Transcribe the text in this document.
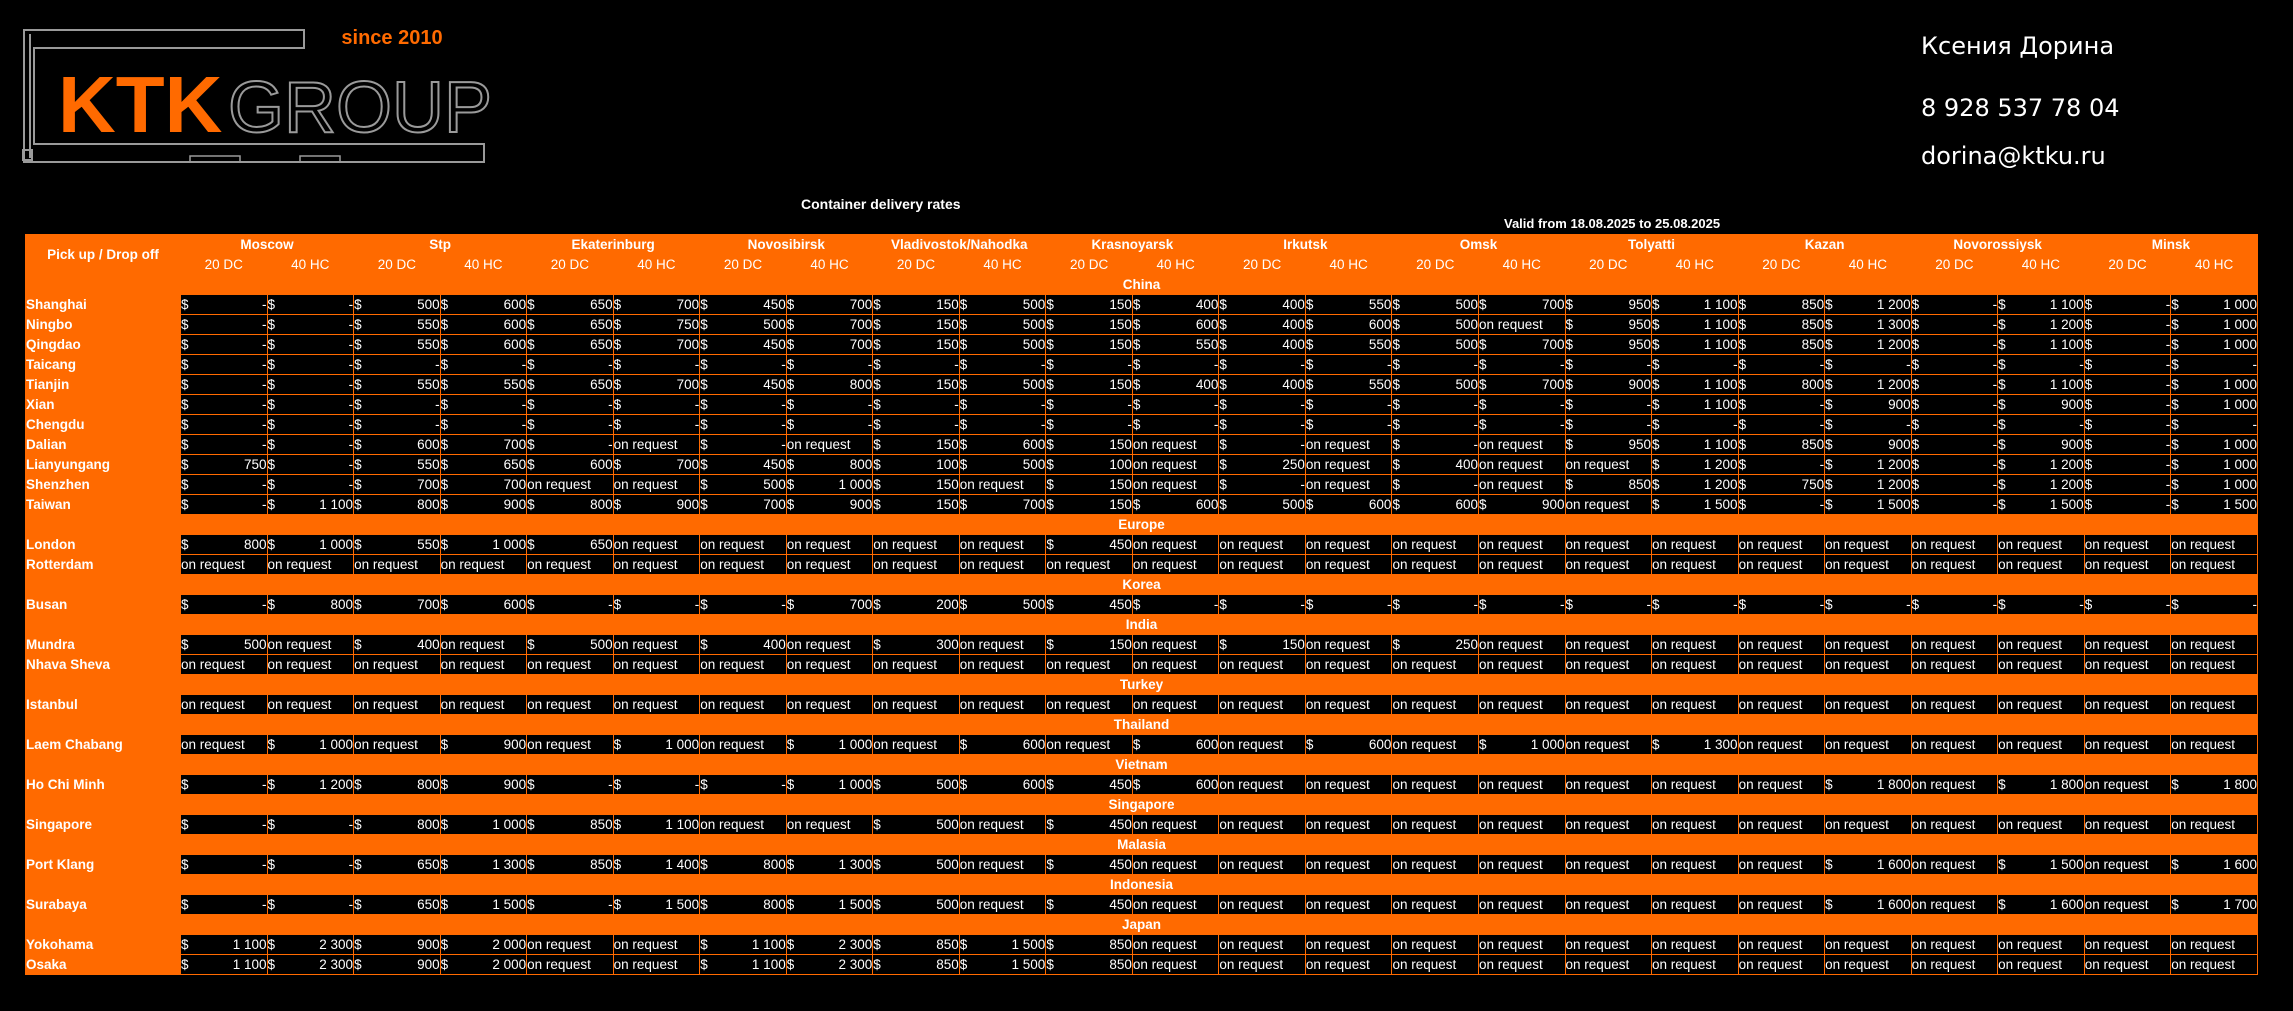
since 2010
KTK GROUP
Ксения Дорина
8 928 537 78 04
dorina@ktku.ru
Container delivery rates
Valid from 18.08.2025 to 25.08.2025
Pick up / Drop off	Moscow		Stp		Ekaterinburg		Novosibirsk		Vladivostok/Nahodka		Krasnoyarsk		Irkutsk		Omsk		Tolyatti		Kazan		Novorossiysk		Minsk	
	20 DC	40 HC	20 DC	40 HC	20 DC	40 HC	20 DC	40 HC	20 DC	40 HC	20 DC	40 HC	20 DC	40 HC	20 DC	40 HC	20 DC	40 HC	20 DC	40 HC	20 DC	40 HC	20 DC	40 HC
China																								
Shanghai	$ -	$ -	$ 500	$ 600	$ 650	$ 700	$ 450	$ 700	$ 150	$ 500	$ 150	$ 400	$ 400	$ 550	$ 500	$ 700	$ 950	$ 1 100	$ 850	$ 1 200	$ -	$ 1 100	$ -	$ 1 000

Ningbo	$ -	$ -	$ 550	$ 600	$ 650	$ 750	$ 500	$ 700	$ 150	$ 500	$ 150	$ 600	$ 400	$ 600	$ 500	on request	$ 950	$ 1 100	$ 850	$ 1 300	$ -	$ 1 200	$ -	$ 1 000

Qingdao	$ -	$ -	$ 550	$ 600	$ 650	$ 700	$ 450	$ 700	$ 150	$ 500	$ 150	$ 550	$ 400	$ 550	$ 500	$ 700	$ 950	$ 1 100	$ 850	$ 1 200	$ -	$ 1 100	$ -	$ 1 000

Taicang	$ -	$ -	$ -	$ -	$ -	$ -	$ -	$ -	$ -	$ -	$ -	$ -	$ -	$ -	$ -	$ -	$ -	$ -	$ -	$ -	$ -	$ -	$ -	$ -

Tianjin	$ -	$ -	$ 550	$ 550	$ 650	$ 700	$ 450	$ 800	$ 150	$ 500	$ 150	$ 400	$ 400	$ 550	$ 500	$ 700	$ 900	$ 1 100	$ 800	$ 1 200	$ -	$ 1 100	$ -	$ 1 000

Xian	$ -	$ -	$ -	$ -	$ -	$ -	$ -	$ -	$ -	$ -	$ -	$ -	$ -	$ -	$ -	$ -	$ -	$ 1 100	$ -	$ 900	$ -	$ 900	$ -	$ 1 000

Chengdu	$ -	$ -	$ -	$ -	$ -	$ -	$ -	$ -	$ -	$ -	$ -	$ -	$ -	$ -	$ -	$ -	$ -	$ -	$ -	$ -	$ -	$ -	$ -	$ -

Dalian	$ -	$ -	$ 600	$ 700	$ -	on request	$ -	on request	$ 150	$ 600	$ 150	on request	$ -	on request	$ -	on request	$ 950	$ 1 100	$ 850	$ 900	$ -	$ 900	$ -	$ 1 000

Lianyungang	$ 750	$ -	$ 550	$ 650	$ 600	$ 700	$ 450	$ 800	$ 100	$ 500	$ 100	on request	$ 250	on request	$ 400	on request	on request	$ 1 200	$ -	$ 1 200	$ -	$ 1 200	$ -	$ 1 000

Shenzhen	$ -	$ -	$ 700	$ 700	on request	on request	$ 500	$ 1 000	$ 150	on request	$ 150	on request	$ -	on request	$ -	on request	$ 850	$ 1 200	$ 750	$ 1 200	$ -	$ 1 200	$ -	$ 1 000

Taiwan	$ -	$ 1 100	$ 800	$ 900	$ 800	$ 900	$ 700	$ 900	$ 150	$ 700	$ 150	$ 600	$ 500	$ 600	$ 600	$ 900	on request	$ 1 500	$ -	$ 1 500	$ -	$ 1 500	$ -	$ 1 500

Europe																								
London	$ 800	$ 1 000	$ 550	$ 1 000	$ 650	on request	on request	on request	on request	on request	$ 450	on request	on request	on request	on request	on request	on request	on request	on request	on request	on request	on request	on request	on request
Rotterdam	on request	on request	on request	on request	on request	on request	on request	on request	on request	on request	on request	on request	on request	on request	on request	on request	on request	on request	on request	on request	on request	on request	on request	on request
Korea																								
Busan	$ -	$ 800	$ 700	$ 600	$ -	$ -	$ -	$ 700	$ 200	$ 500	$ 450	$ -	$ -	$ -	$ -	$ -	$ -	$ -	$ -	$ -	$ -	$ -	$ -	$ -

India																								
Mundra	$ 500	on request	$ 400	on request	$ 500	on request	$ 400	on request	$ 300	on request	$ 150	on request	$ 150	on request	$ 250	on request	on request	on request	on request	on request	on request	on request	on request	on request
Nhava Sheva	on request	on request	on request	on request	on request	on request	on request	on request	on request	on request	on request	on request	on request	on request	on request	on request	on request	on request	on request	on request	on request	on request	on request	on request
Turkey																								
Istanbul	on request	on request	on request	on request	on request	on request	on request	on request	on request	on request	on request	on request	on request	on request	on request	on request	on request	on request	on request	on request	on request	on request	on request	on request
Thailand																								
Laem Chabang	on request	$ 1 000	on request	$ 900	on request	$ 1 000	on request	$ 1 000	on request	$ 600	on request	$ 600	on request	$ 600	on request	$ 1 000	on request	$ 1 300	on request	on request	on request	on request	on request	on request
Vietnam																								
Ho Chi Minh	$ -	$ 1 200	$ 800	$ 900	$ -	$ -	$ -	$ 1 000	$ 500	$ 600	$ 450	$ 600	on request	on request	on request	on request	on request	on request	on request	$ 1 800	on request	$ 1 800	on request	$ 1 800

Singapore																								
Singapore	$ -	$ -	$ 800	$ 1 000	$ 850	$ 1 100	on request	on request	$ 500	on request	$ 450	on request	on request	on request	on request	on request	on request	on request	on request	on request	on request	on request	on request	on request
Malasia																								
Port Klang	$ -	$ -	$ 650	$ 1 300	$ 850	$ 1 400	$ 800	$ 1 300	$ 500	on request	$ 450	on request	on request	on request	on request	on request	on request	on request	on request	$ 1 600	on request	$ 1 500	on request	$ 1 600

Indonesia																								
Surabaya	$ -	$ -	$ 650	$ 1 500	$ -	$ 1 500	$ 800	$ 1 500	$ 500	on request	$ 450	on request	on request	on request	on request	on request	on request	on request	on request	$ 1 600	on request	$ 1 600	on request	$ 1 700

Japan																								
Yokohama	$ 1 100	$ 2 300	$ 900	$ 2 000	on request	on request	$ 1 100	$ 2 300	$ 850	$ 1 500	$ 850	on request	on request	on request	on request	on request	on request	on request	on request	on request	on request	on request	on request	on request
Osaka	$ 1 100	$ 2 300	$ 900	$ 2 000	on request	on request	$ 1 100	$ 2 300	$ 850	$ 1 500	$ 850	on request	on request	on request	on request	on request	on request	on request	on request	on request	on request	on request	on request	on request
